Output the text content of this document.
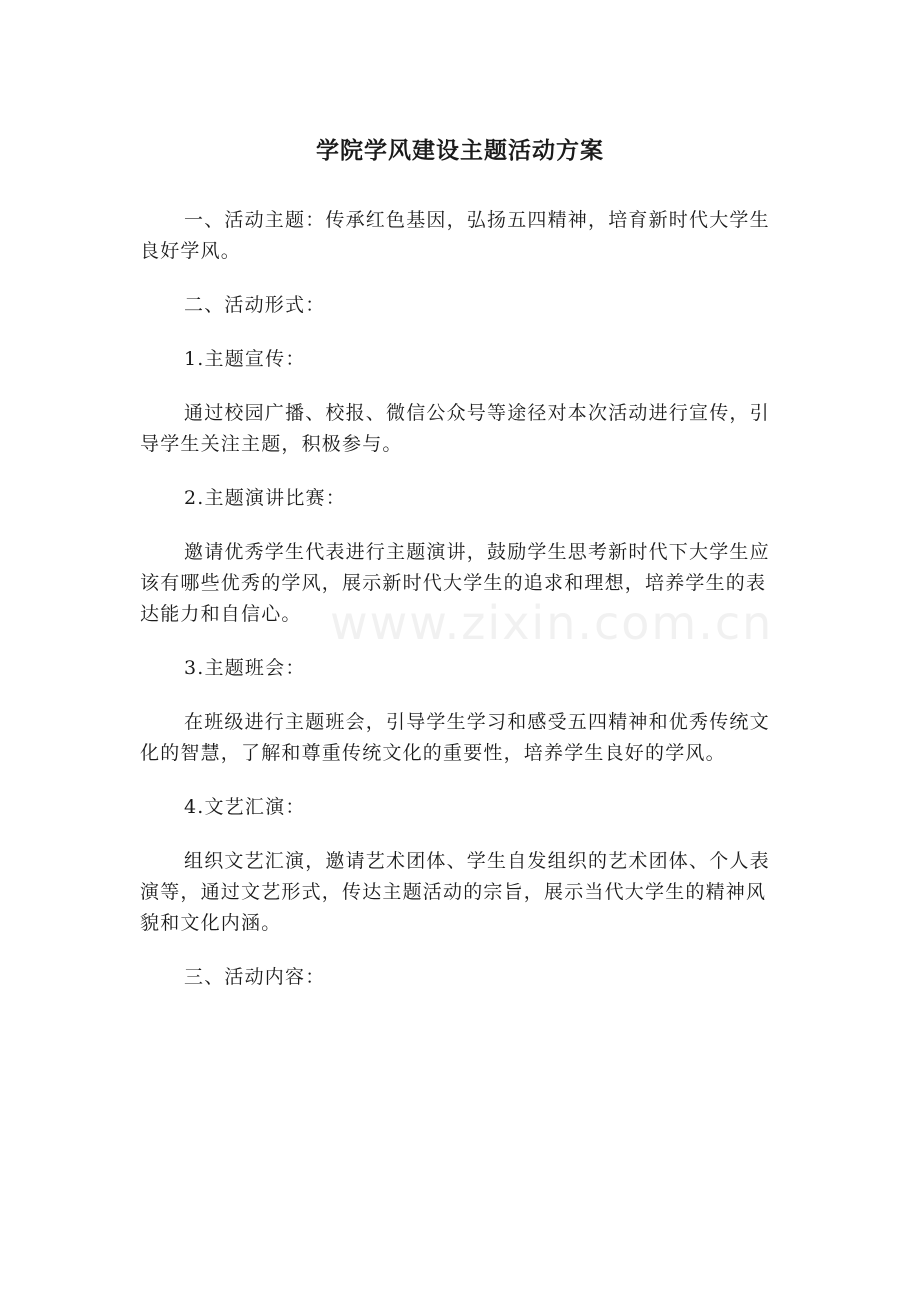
学院学风建设主题活动方案
www.zixin.com.cn

一、活动主题：传承红色基因，弘扬五四精神，培育新时代大学生良好学风。

二、活动形式：

1.主题宣传：

通过校园广播、校报、微信公众号等途径对本次活动进行宣传，引导学生关注主题，积极参与。

2.主题演讲比赛：

邀请优秀学生代表进行主题演讲，鼓励学生思考新时代下大学生应该有哪些优秀的学风，展示新时代大学生的追求和理想，培养学生的表达能力和自信心。

3.主题班会：

在班级进行主题班会，引导学生学习和感受五四精神和优秀传统文化的智慧，了解和尊重传统文化的重要性，培养学生良好的学风。

4.文艺汇演：

组织文艺汇演，邀请艺术团体、学生自发组织的艺术团体、个人表演等，通过文艺形式，传达主题活动的宗旨，展示当代大学生的精神风貌和文化内涵。

三、活动内容：
